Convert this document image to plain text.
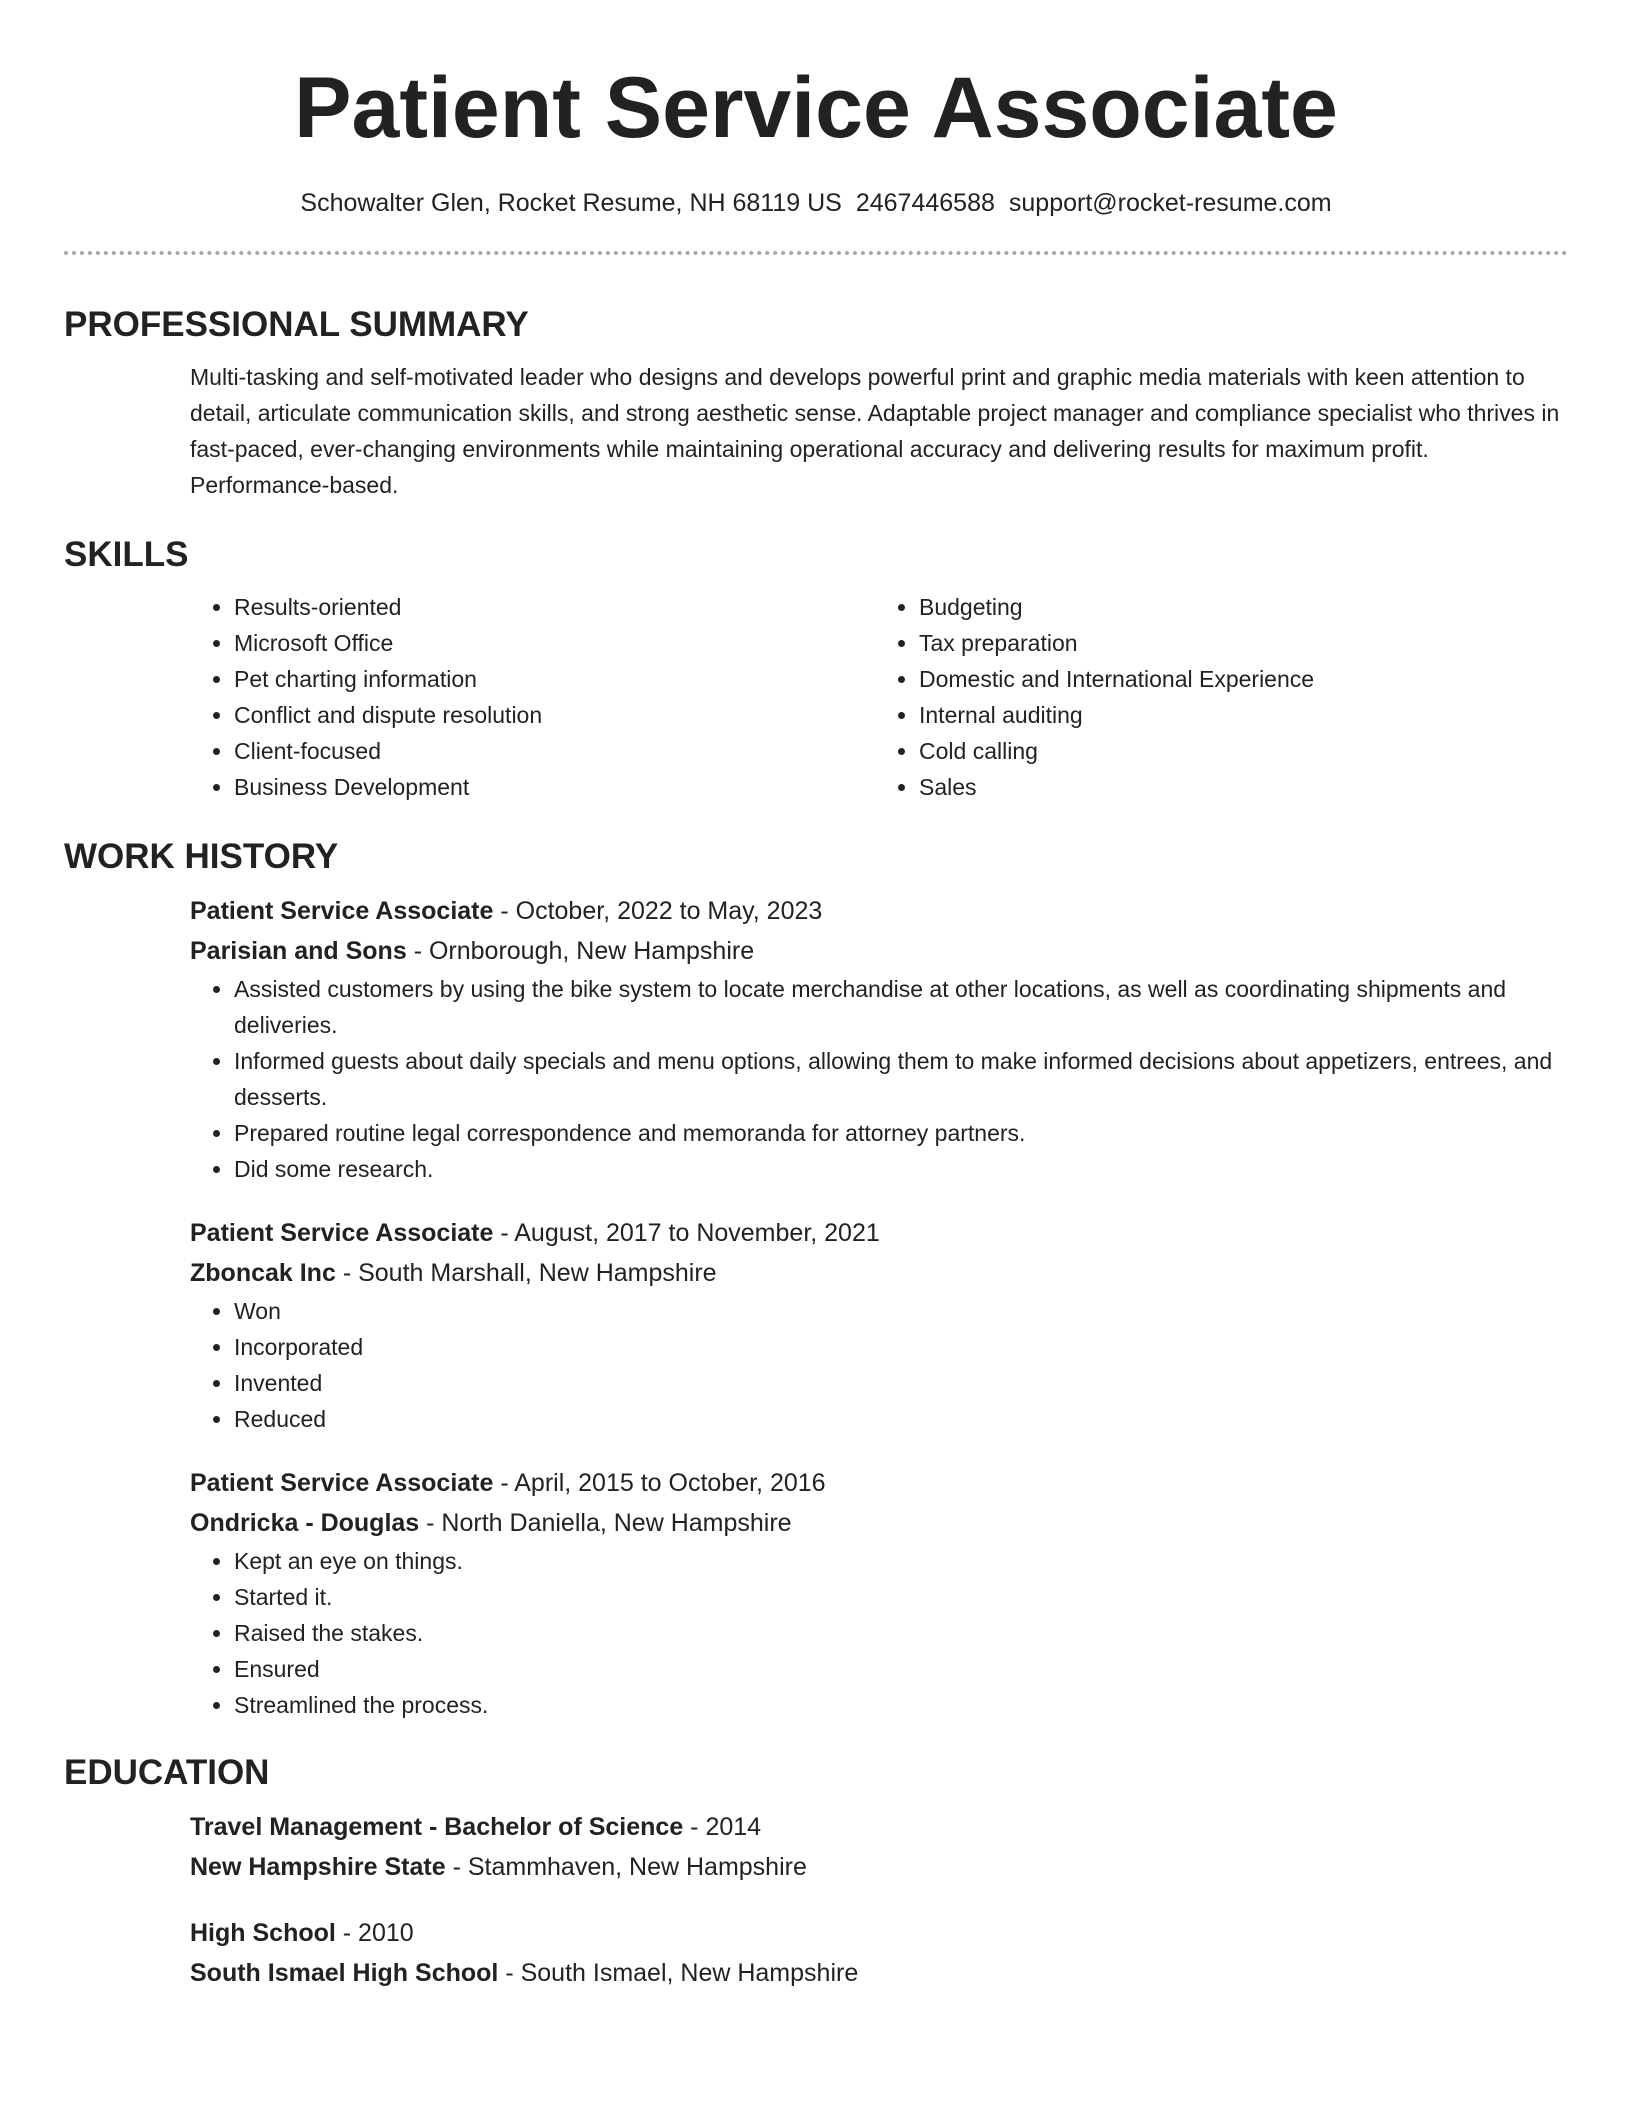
Patient Service Associate
Schowalter Glen, Rocket Resume, NH 68119 US 2467446588 support@rocket-resume.com
PROFESSIONAL SUMMARY

Multi-tasking and self-motivated leader who designs and develops powerful print and graphic media materials with keen attention to detail, articulate communication skills, and strong aesthetic sense. Adaptable project manager and compliance specialist who thrives in fast-paced, ever-changing environments while maintaining operational accuracy and delivering results for maximum profit. Performance-based.

SKILLS
• Results-oriented
• Microsoft Office
• Pet charting information
• Conflict and dispute resolution
• Client-focused
• Business Development
• Budgeting
• Tax preparation
• Domestic and International Experience
• Internal auditing
• Cold calling
• Sales
WORK HISTORY
Patient Service Associate - October, 2022 to May, 2023
Parisian and Sons - Ornborough, New Hampshire
• Assisted customers by using the bike system to locate merchandise at other locations, as well as coordinating shipments and deliveries.
• Informed guests about daily specials and menu options, allowing them to make informed decisions about appetizers, entrees, and desserts.
• Prepared routine legal correspondence and memoranda for attorney partners.
• Did some research.
Patient Service Associate - August, 2017 to November, 2021
Zboncak Inc - South Marshall, New Hampshire
• Won
• Incorporated
• Invented
• Reduced
Patient Service Associate - April, 2015 to October, 2016
Ondricka - Douglas - North Daniella, New Hampshire
• Kept an eye on things.
• Started it.
• Raised the stakes.
• Ensured
• Streamlined the process.
EDUCATION
Travel Management - Bachelor of Science - 2014
New Hampshire State - Stammhaven, New Hampshire
High School - 2010
South Ismael High School - South Ismael, New Hampshire
